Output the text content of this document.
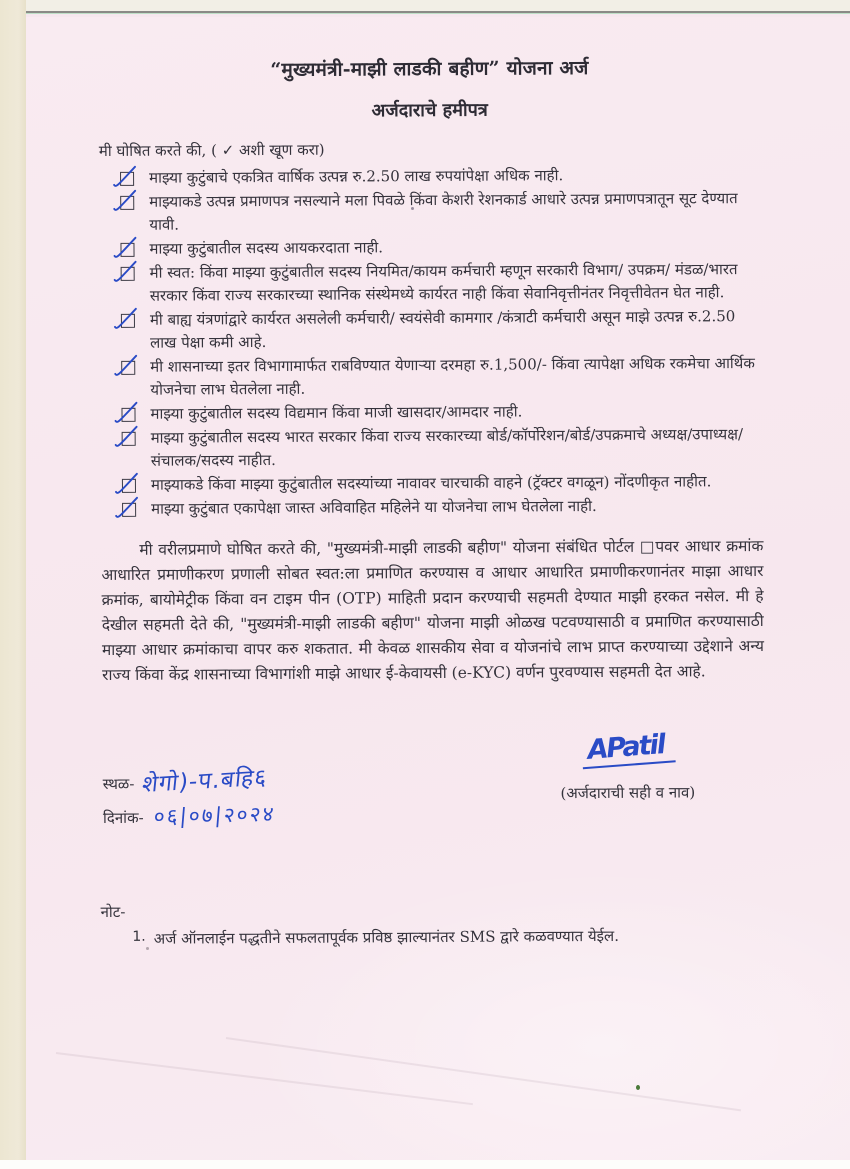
“मुख्यमंत्री-माझी लाडकी बहीण” योजना अर्ज
अर्जदाराचे हमीपत्र
मी घोषित करते की, ( ✓ अशी खूण करा)
माझ्या कुटुंबाचे एकत्रित वार्षिक उत्पन्न रु.2.50 लाख रुपयांपेक्षा अधिक नाही.
माझ्याकडे उत्पन्न प्रमाणपत्र नसल्याने मला पिवळे किंवा केशरी रेशनकार्ड आधारे उत्पन्न प्रमाणपत्रातून सूट देण्यात यावी.
माझ्या कुटुंबातील सदस्य आयकरदाता नाही.
मी स्वत: किंवा माझ्या कुटुंबातील सदस्य नियमित/कायम कर्मचारी म्हणून सरकारी विभाग/ उपक्रम/ मंडळ/भारत सरकार किंवा राज्य सरकारच्या स्थानिक संस्थेमध्ये कार्यरत नाही किंवा सेवानिवृत्तीनंतर निवृत्तीवेतन घेत नाही.
मी बाह्य यंत्रणांद्वारे कार्यरत असलेली कर्मचारी/ स्वयंसेवी कामगार /कंत्राटी कर्मचारी असून माझे उत्पन्न रु.2.50 लाख पेक्षा कमी आहे.
मी शासनाच्या इतर विभागामार्फत राबविण्यात येणाऱ्या दरमहा रु.1,500/- किंवा त्यापेक्षा अधिक रकमेचा आर्थिक योजनेचा लाभ घेतलेला नाही.
माझ्या कुटुंबातील सदस्य विद्यमान किंवा माजी खासदार/आमदार नाही.
माझ्या कुटुंबातील सदस्य भारत सरकार किंवा राज्य सरकारच्या बोर्ड/कॉर्पोरेशन/बोर्ड/उपक्रमाचे अध्यक्ष/उपाध्यक्ष/ संचालक/सदस्य नाहीत.
माझ्याकडे किंवा माझ्या कुटुंबातील सदस्यांच्या नावावर चारचाकी वाहने (ट्रॅक्टर वगळून) नोंदणीकृत नाहीत.
माझ्या कुटुंबात एकापेक्षा जास्त अविवाहित महिलेने या योजनेचा लाभ घेतलेला नाही.
मी वरीलप्रमाणे घोषित करते की, "मुख्यमंत्री-माझी लाडकी बहीण" योजना संबंधित पोर्टल □पवर आधार क्रमांक आधारित प्रमाणीकरण प्रणाली सोबत स्वत:ला प्रमाणित करण्यास व आधार आधारित प्रमाणीकरणानंतर माझा आधार क्रमांक, बायोमेट्रीक किंवा वन टाइम पीन (OTP) माहिती प्रदान करण्याची सहमती देण्यात माझी हरकत नसेल. मी हे देखील सहमती देते की, "मुख्यमंत्री-माझी लाडकी बहीण" योजना माझी ओळख पटवण्यासाठी व प्रमाणित करण्यासाठी माझ्या आधार क्रमांकाचा वापर करु शकतात. मी केवळ शासकीय सेवा व योजनांचे लाभ प्राप्त करण्याच्या उद्देशाने अन्य राज्य किंवा केंद्र शासनाच्या विभागांशी माझे आधार ई-केवायसी (e-KYC) वर्णन पुरवण्यास सहमती देत आहे.
स्थळ- शेगो)-प.बहि६
दिनांक- ०६|०७|२०२४
APatil
(अर्जदाराची सही व नाव)
नोट-
1. अर्ज ऑनलाईन पद्धतीने सफलतापूर्वक प्रविष्ठ झाल्यानंतर SMS द्वारे कळवण्यात येईल.
